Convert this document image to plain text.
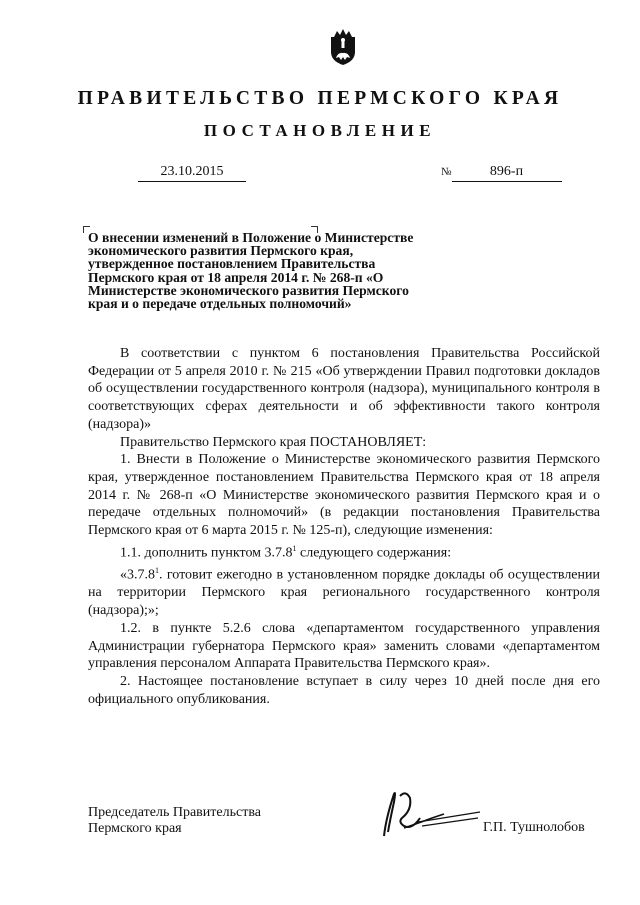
ПРАВИТЕЛЬСТВО ПЕРМСКОГО КРАЯ
ПОСТАНОВЛЕНИЕ
23.10.2015	№	896-п
О внесении изменений в Положение о Министерстве экономического развития Пермского края, утвержденное постановлением Правительства Пермского края от 18 апреля 2014 г. № 268-п «О Министерстве экономического развития Пермского края и о передаче отдельных полномочий»

В соответствии с пунктом 6 постановления Правительства Российской Федерации от 5 апреля 2010 г. № 215 «Об утверждении Правил подготовки докладов об осуществлении государственного контроля (надзора), муниципального контроля в соответствующих сферах деятельности и об эффективности такого контроля (надзора)»

Правительство Пермского края ПОСТАНОВЛЯЕТ:

1. Внести в Положение о Министерстве экономического развития Пермского края, утвержденное постановлением Правительства Пермского края от 18 апреля 2014 г. № 268-п «О Министерстве экономического развития Пермского края и о передаче отдельных полномочий» (в редакции постановления Правительства Пермского края от 6 марта 2015 г. № 125-п), следующие изменения:

1.1. дополнить пунктом 3.7.8$^1$ следующего содержания:

«3.7.8$^1$. готовит ежегодно в установленном порядке доклады об осуществлении на территории Пермского края регионального государственного контроля (надзора);»;

1.2. в пункте 5.2.6 слова «департаментом государственного управления Администрации губернатора Пермского края» заменить словами «департаментом управления персоналом Аппарата Правительства Пермского края».

2. Настоящее постановление вступает в силу через 10 дней после дня его официального опубликования.

Председатель Правительства
Пермского края	Г.П. Тушнолобов
